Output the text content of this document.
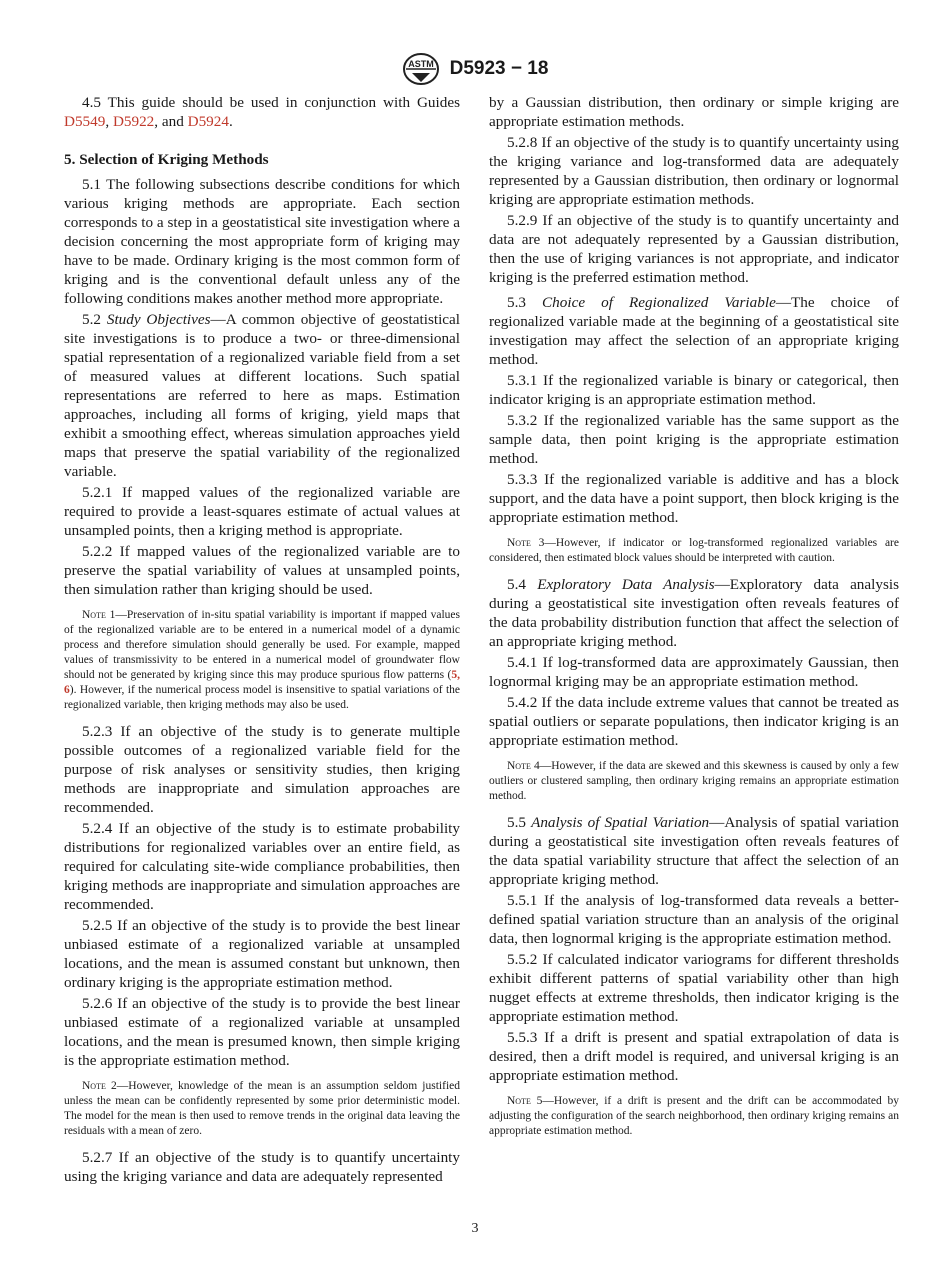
ASTM D5923 − 18

4.5 This guide should be used in conjunction with Guides D5549, D5922, and D5924.

5. Selection of Kriging Methods

5.1 The following subsections describe conditions for which various kriging methods are appropriate. Each section corresponds to a step in a geostatistical site investigation where a decision concerning the most appropriate form of kriging may have to be made. Ordinary kriging is the most common form of kriging and is the conventional default unless any of the following conditions makes another method more appropriate.

5.2 Study Objectives—A common objective of geostatistical site investigations is to produce a two- or three-dimensional spatial representation of a regionalized variable field from a set of measured values at different locations. Such spatial representations are referred to here as maps. Estimation approaches, including all forms of kriging, yield maps that exhibit a smoothing effect, whereas simulation approaches yield maps that preserve the spatial variability of the regionalized variable.

5.2.1 If mapped values of the regionalized variable are required to provide a least-squares estimate of actual values at unsampled points, then a kriging method is appropriate.

5.2.2 If mapped values of the regionalized variable are to preserve the spatial variability of values at unsampled points, then simulation rather than kriging should be used.

Note 1—Preservation of in-situ spatial variability is important if mapped values of the regionalized variable are to be entered in a numerical model of a dynamic process and therefore simulation should generally be used. For example, mapped values of transmissivity to be entered in a numerical model of groundwater flow should not be generated by kriging since this may produce spurious flow patterns (5, 6). However, if the numerical process model is insensitive to spatial variations of the regionalized variable, then kriging methods may also be used.

5.2.3 If an objective of the study is to generate multiple possible outcomes of a regionalized variable field for the purpose of risk analyses or sensitivity studies, then kriging methods are inappropriate and simulation approaches are recommended.

5.2.4 If an objective of the study is to estimate probability distributions for regionalized variables over an entire field, as required for calculating site-wide compliance probabilities, then kriging methods are inappropriate and simulation approaches are recommended.

5.2.5 If an objective of the study is to provide the best linear unbiased estimate of a regionalized variable at unsampled locations, and the mean is assumed constant but unknown, then ordinary kriging is the appropriate estimation method.

5.2.6 If an objective of the study is to provide the best linear unbiased estimate of a regionalized variable at unsampled locations, and the mean is presumed known, then simple kriging is the appropriate estimation method.

Note 2—However, knowledge of the mean is an assumption seldom justified unless the mean can be confidently represented by some prior deterministic model. The model for the mean is then used to remove trends in the original data leaving the residuals with a mean of zero.

5.2.7 If an objective of the study is to quantify uncertainty using the kriging variance and data are adequately represented

by a Gaussian distribution, then ordinary or simple kriging are appropriate estimation methods.

5.2.8 If an objective of the study is to quantify uncertainty using the kriging variance and log-transformed data are adequately represented by a Gaussian distribution, then ordinary or lognormal kriging are appropriate estimation methods.

5.2.9 If an objective of the study is to quantify uncertainty and data are not adequately represented by a Gaussian distribution, then the use of kriging variances is not appropriate, and indicator kriging is the preferred estimation method.

5.3 Choice of Regionalized Variable—The choice of regionalized variable made at the beginning of a geostatistical site investigation may affect the selection of an appropriate kriging method.

5.3.1 If the regionalized variable is binary or categorical, then indicator kriging is an appropriate estimation method.

5.3.2 If the regionalized variable has the same support as the sample data, then point kriging is the appropriate estimation method.

5.3.3 If the regionalized variable is additive and has a block support, and the data have a point support, then block kriging is the appropriate estimation method.

Note 3—However, if indicator or log-transformed regionalized variables are considered, then estimated block values should be interpreted with caution.

5.4 Exploratory Data Analysis—Exploratory data analysis during a geostatistical site investigation often reveals features of the data probability distribution function that affect the selection of an appropriate kriging method.

5.4.1 If log-transformed data are approximately Gaussian, then lognormal kriging may be an appropriate estimation method.

5.4.2 If the data include extreme values that cannot be treated as spatial outliers or separate populations, then indicator kriging is an appropriate estimation method.

Note 4—However, if the data are skewed and this skewness is caused by only a few outliers or clustered sampling, then ordinary kriging remains an appropriate estimation method.

5.5 Analysis of Spatial Variation—Analysis of spatial variation during a geostatistical site investigation often reveals features of the data spatial variability structure that affect the selection of an appropriate kriging method.

5.5.1 If the analysis of log-transformed data reveals a better-defined spatial variation structure than an analysis of the original data, then lognormal kriging is the appropriate estimation method.

5.5.2 If calculated indicator variograms for different thresholds exhibit different patterns of spatial variability other than high nugget effects at extreme thresholds, then indicator kriging is the appropriate estimation method.

5.5.3 If a drift is present and spatial extrapolation of data is desired, then a drift model is required, and universal kriging is an appropriate estimation method.

Note 5—However, if a drift is present and the drift can be accommodated by adjusting the configuration of the search neighborhood, then ordinary kriging remains an appropriate estimation method.

3
